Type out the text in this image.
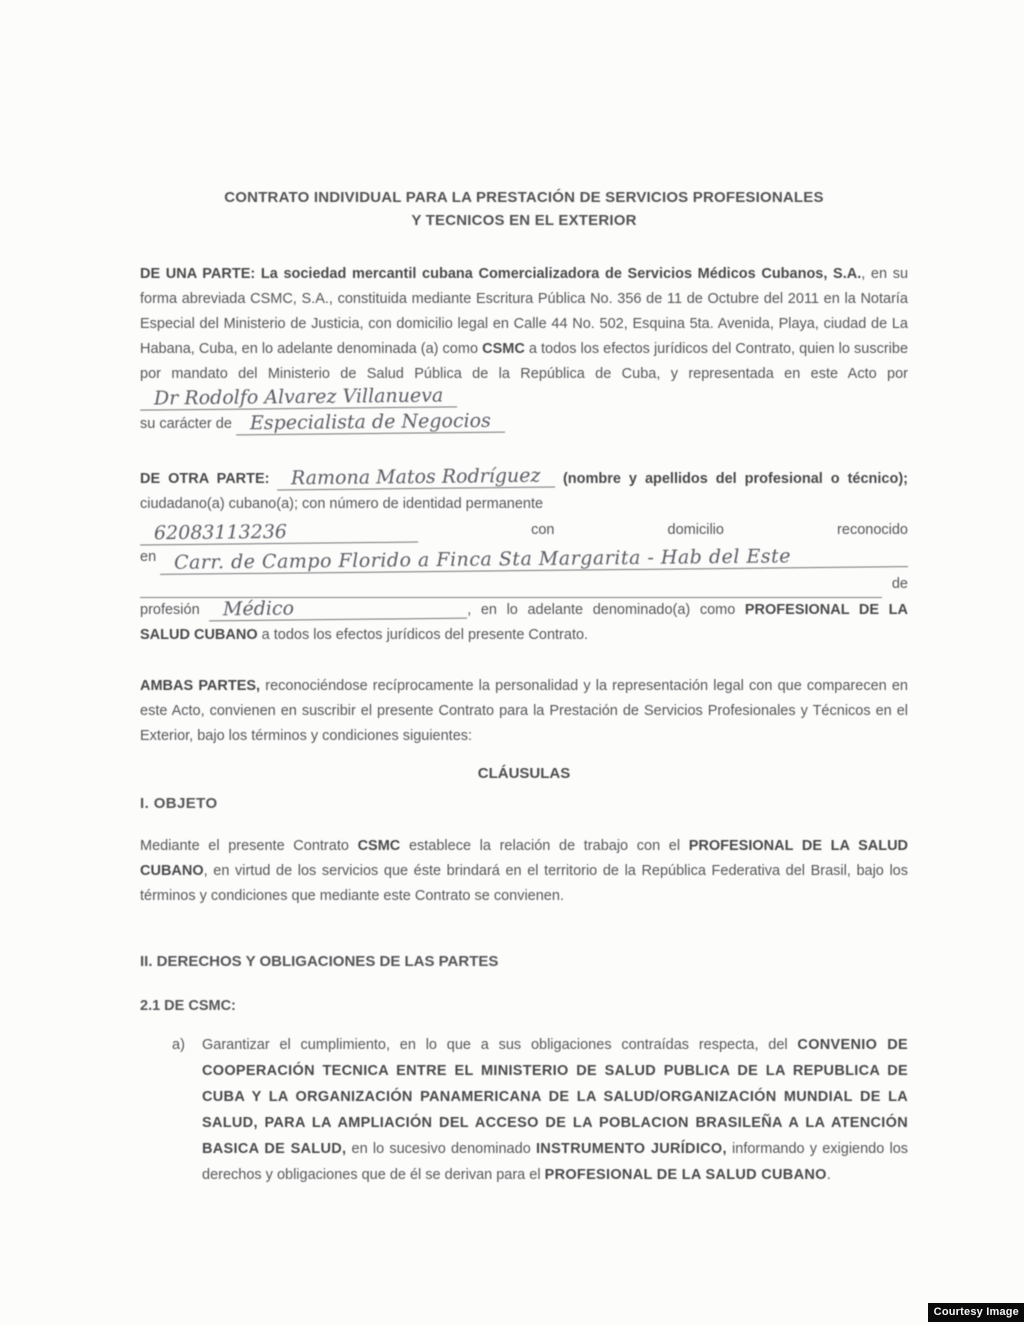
CONTRATO INDIVIDUAL PARA LA PRESTACIÓN DE SERVICIOS PROFESIONALES
Y TECNICOS EN EL EXTERIOR

DE UNA PARTE: La sociedad mercantil cubana Comercializadora de Servicios Médicos Cubanos, S.A., en su forma abreviada CSMC, S.A., constituida mediante Escritura Pública No. 356 de 11 de Octubre del 2011 en la Notaría Especial del Ministerio de Justicia, con domicilio legal en Calle 44 No. 502, Esquina 5ta. Avenida, Playa, ciudad de La Habana, Cuba, en lo adelante denominada (a) como CSMC a todos los efectos jurídicos del Contrato, quien lo suscribe por mandato del Ministerio de Salud Pública de la República de Cuba, y representada en este Acto por Dr Rodolfo Alvarez Villanueva
su carácter de Especialista de Negocios

DE OTRA PARTE: Ramona Matos Rodríguez (nombre y apellidos del profesional o técnico); ciudadano(a) cubano(a); con número de identidad permanente
62083113236	con	domicilio	reconocido
en
Carr. de Campo Florido a Finca Sta Margarita - Hab del Este
de
profesión Médico	, en lo adelante denominado(a) como PROFESIONAL DE LA SALUD CUBANO a todos los efectos jurídicos del presente Contrato.

AMBAS PARTES, reconociéndose recíprocamente la personalidad y la representación legal con que comparecen en este Acto, convienen en suscribir el presente Contrato para la Prestación de Servicios Profesionales y Técnicos en el Exterior, bajo los términos y condiciones siguientes:

CLÁUSULAS
I. OBJETO

Mediante el presente Contrato CSMC establece la relación de trabajo con el PROFESIONAL DE LA SALUD CUBANO, en virtud de los servicios que éste brindará en el territorio de la República Federativa del Brasil, bajo los términos y condiciones que mediante este Contrato se convienen.

II. DERECHOS Y OBLIGACIONES DE LAS PARTES
2.1 DE CSMC:
a)	Garantizar el cumplimiento, en lo que a sus obligaciones contraídas respecta, del CONVENIO DE COOPERACIÓN TECNICA ENTRE EL MINISTERIO DE SALUD PUBLICA DE LA REPUBLICA DE CUBA Y LA ORGANIZACIÓN PANAMERICANA DE LA SALUD/ORGANIZACIÓN MUNDIAL DE LA SALUD, PARA LA AMPLIACIÓN DEL ACCESO DE LA POBLACION BRASILEÑA A LA ATENCIÓN BASICA DE SALUD, en lo sucesivo denominado INSTRUMENTO JURÍDICO, informando y exigiendo los derechos y obligaciones que de él se derivan para el PROFESIONAL DE LA SALUD CUBANO.
Courtesy Image
